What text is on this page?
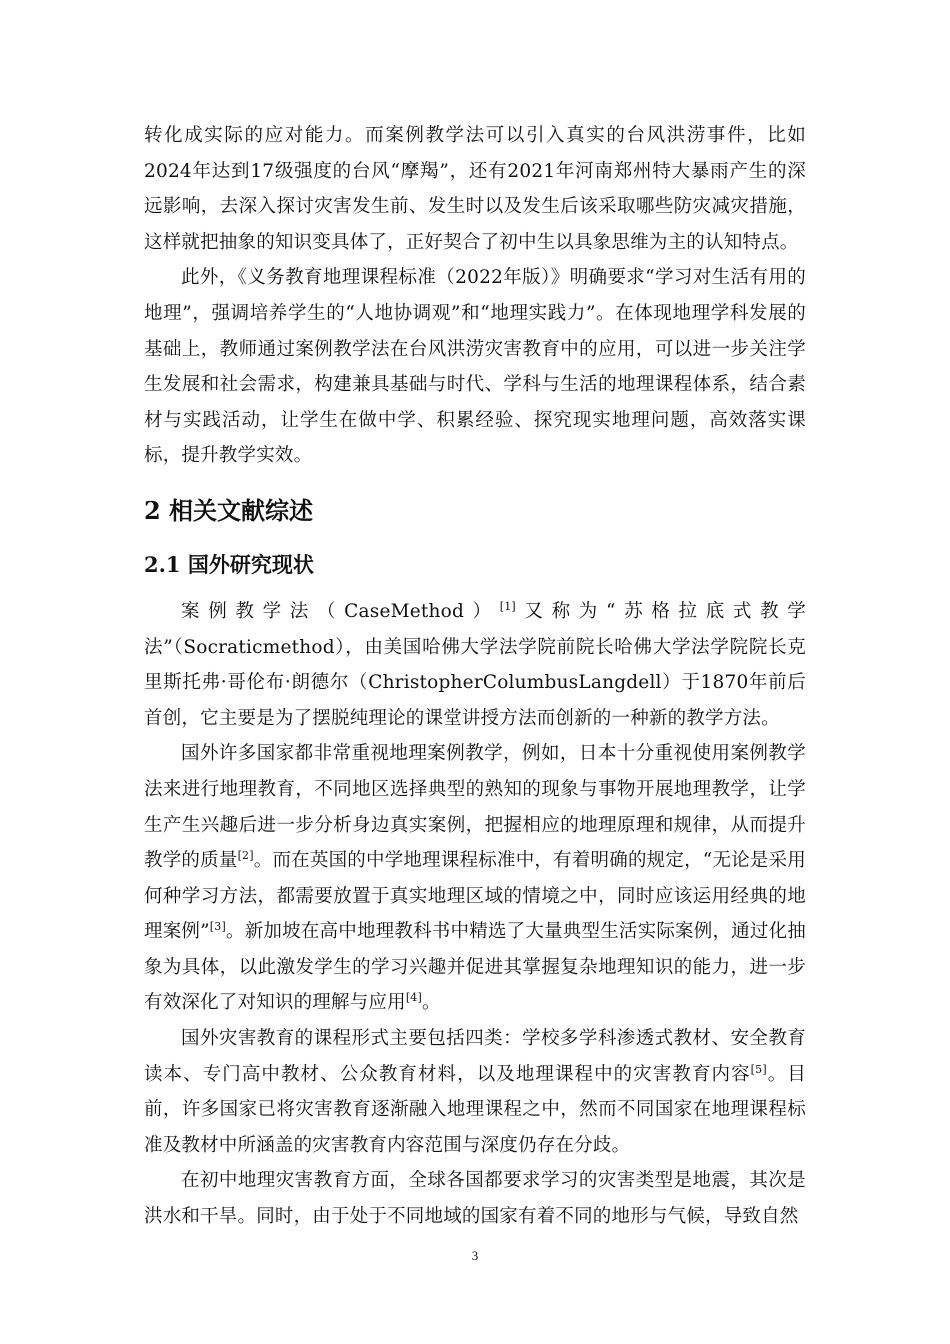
转化成实际的应对能力。而案例教学法可以引入真实的台风洪涝事件，比如2024年达到17级强度的台风“摩羯”，还有2021年河南郑州特大暴雨产生的深远影响，去深入探讨灾害发生前、发生时以及发生后该采取哪些防灾减灾措施，这样就把抽象的知识变具体了，正好契合了初中生以具象思维为主的认知特点。

此外，《义务教育地理课程标准（2022年版）》明确要求“学习对生活有用的地理”，强调培养学生的“人地协调观”和“地理实践力”。在体现地理学科发展的基础上，教师通过案例教学法在台风洪涝灾害教育中的应用，可以进一步关注学生发展和社会需求，构建兼具基础与时代、学科与生活的地理课程体系，结合素材与实践活动，让学生在做中学、积累经验、探究现实地理问题，高效落实课标，提升教学实效。

2 相关文献综述
2.1 国外研究现状

案例教学法（CaseMethod）[1]又称为“苏格拉底式教学法”（Socraticmethod），由美国哈佛大学法学院前院长哈佛大学法学院院长克里斯托弗·哥伦布·朗德尔（ChristopherColumbusLangdell）于1870年前后首创，它主要是为了摆脱纯理论的课堂讲授方法而创新的一种新的教学方法。

国外许多国家都非常重视地理案例教学，例如，日本十分重视使用案例教学法来进行地理教育，不同地区选择典型的熟知的现象与事物开展地理教学，让学生产生兴趣后进一步分析身边真实案例，把握相应的地理原理和规律，从而提升教学的质量[2]。而在英国的中学地理课程标准中，有着明确的规定，“无论是采用何种学习方法，都需要放置于真实地理区域的情境之中，同时应该运用经典的地理案例”[3]。新加坡在高中地理教科书中精选了大量典型生活实际案例，通过化抽象为具体，以此激发学生的学习兴趣并促进其掌握复杂地理知识的能力，进一步有效深化了对知识的理解与应用[4]。

国外灾害教育的课程形式主要包括四类：学校多学科渗透式教材、安全教育读本、专门高中教材、公众教育材料，以及地理课程中的灾害教育内容[5]。目前，许多国家已将灾害教育逐渐融入地理课程之中，然而不同国家在地理课程标准及教材中所涵盖的灾害教育内容范围与深度仍存在分歧。

在初中地理灾害教育方面，全球各国都要求学习的灾害类型是地震，其次是洪水和干旱。同时，由于处于不同地域的国家有着不同的地形与气候，导致自然

3
